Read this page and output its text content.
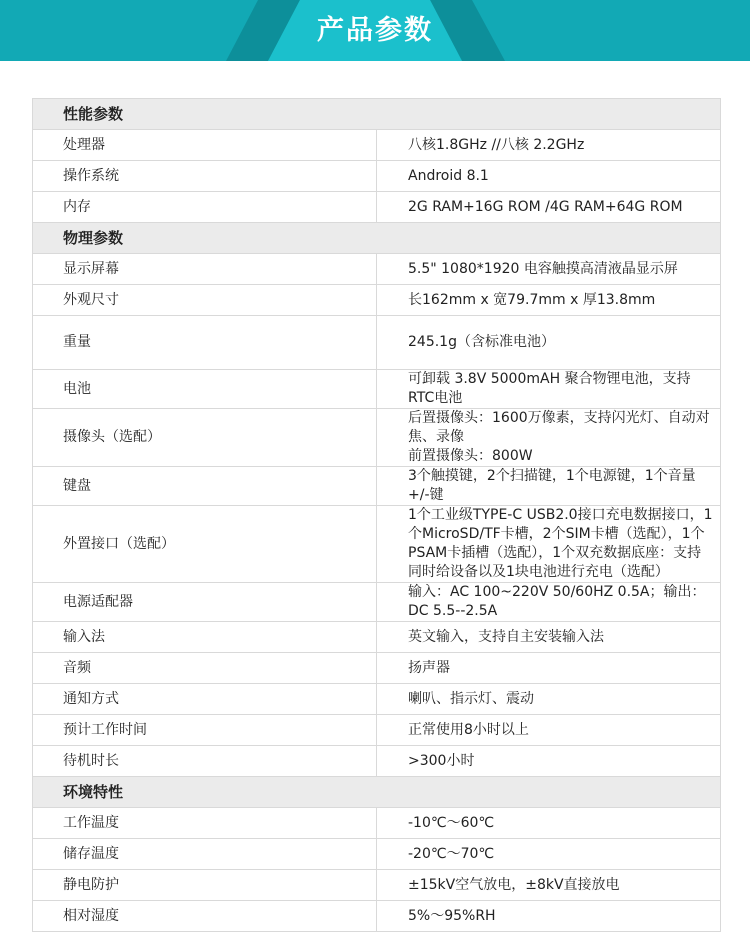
产品参数
性能参数	
处理器	八核1.8GHz //八核 2.2GHz

操作系统	Android 8.1

内存	2G RAM+16G ROM /4G RAM+64G ROM

物理参数	
显示屏幕	5.5" 1080*1920 电容触摸高清液晶显示屏

外观尺寸	长162mm x 宽79.7mm x 厚13.8mm

重量	245.1g（含标准电池）

电池	可卸载 3.8V 5000mAH 聚合物锂电池，支持RTC电池

摄像头（选配）	后置摄像头：1600万像素，支持闪光灯、自动对焦、录像
前置摄像头：800W

键盘	3个触摸键，2个扫描键，1个电源键，1个音量+/-键

外置接口（选配）	1个工业级TYPE-C USB2.0接口充电数据接口，1个MicroSD/TF卡槽，2个SIM卡槽（选配），1个PSAM卡插槽（选配），1个双充数据底座：支持同时给设备以及1块电池进行充电（选配）

电源适配器	输入：AC 100~220V 50/60HZ 0.5A；输出：DC 5.5--2.5A

输入法	英文输入，支持自主安装输入法

音频	扬声器

通知方式	喇叭、指示灯、震动

预计工作时间	正常使用8小时以上

待机时长	>300小时

环境特性	
工作温度	-10℃～60℃

储存温度	-20℃～70℃

静电防护	±15kV空气放电，±8kV直接放电

相对湿度	5%～95%RH
